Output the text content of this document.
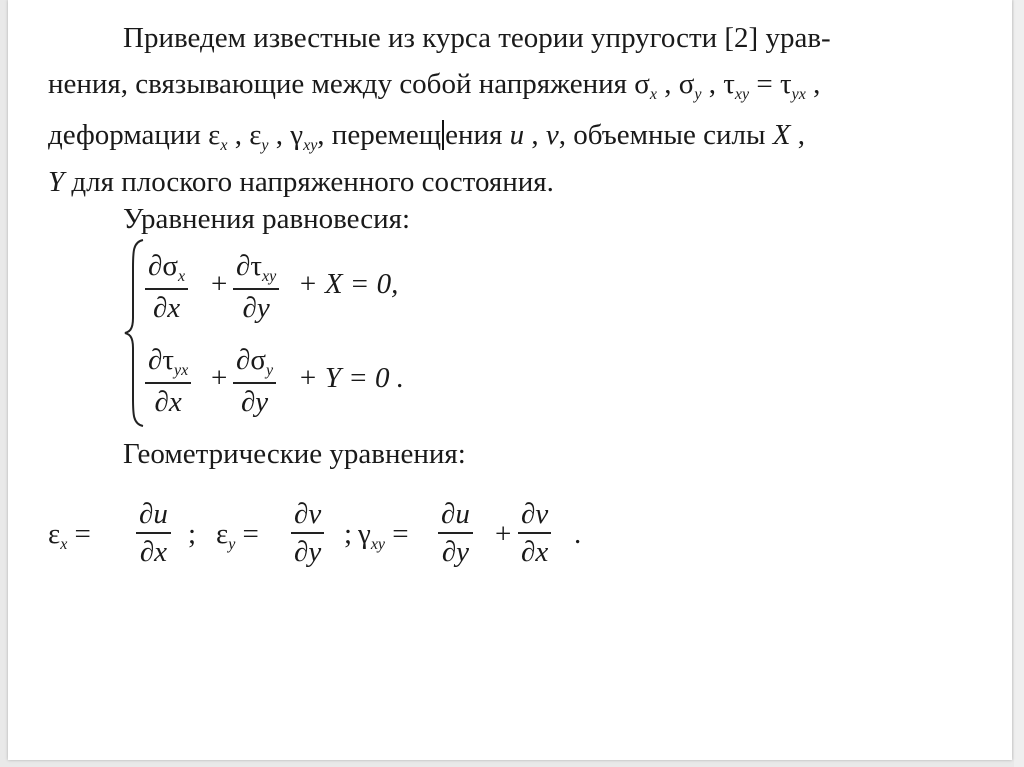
Приведем известные из курса теории упругости [2] урав-
нения, связывающие между собой напряжения $\sigma_x$ , $\sigma_y$ , $\tau_{xy} = \tau_{yx}$ ,
деформации $\varepsilon_x$ , $\varepsilon_y$ , $\gamma_{xy}$, перемещ ения u , v, объемные силы X ,
Y для плоского напряженного состояния.
Уравнения равновесия:
$\frac{\partial\sigma_x}{\partial x}$ +
$\partial\tau_{xy}$
∂y
+ X = 0,
$\partial\tau_{yx}$
∂x
+ $\frac{\partial\sigma_y}{\partial y} + Y = 0$ .
Геометрические уравнения:
$\varepsilon_x = \frac{\partial u}{\partial x}$ ; $\varepsilon_y = \frac{\partial v}{\partial y}$ ; $\gamma_{xy} = \frac{\partial u}{\partial y} + \frac{\partial v}{\partial x}$ .
